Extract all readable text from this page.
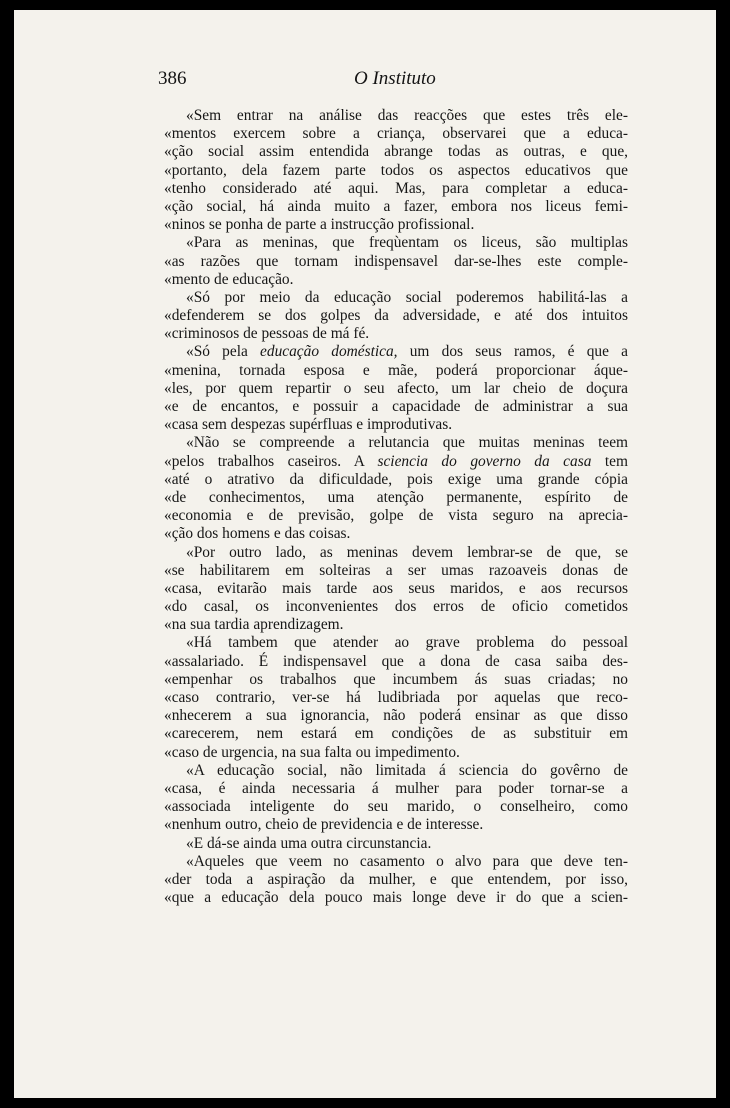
386	O Instituto
«Sem entrar na análise das reacções que estes três ele-
«mentos exercem sobre a criança, observarei que a educa-
«ção social assim entendida abrange todas as outras, e que,
«portanto, dela fazem parte todos os aspectos educativos que
«tenho considerado até aqui. Mas, para completar a educa-
«ção social, há ainda muito a fazer, embora nos liceus femi-
«ninos se ponha de parte a instrucção profissional.
«Para as meninas, que freqùentam os liceus, são multiplas
«as razões que tornam indispensavel dar-se-lhes este comple-
«mento de educação.
«Só por meio da educação social poderemos habilitá-las a
«defenderem se dos golpes da adversidade, e até dos intuitos
«criminosos de pessoas de má fé.
«Só pela educação doméstica, um dos seus ramos, é que a
«menina, tornada esposa e mãe, poderá proporcionar áque-
«les, por quem repartir o seu afecto, um lar cheio de doçura
«e de encantos, e possuir a capacidade de administrar a sua
«casa sem despezas supérfluas e improdutivas.
«Não se compreende a relutancia que muitas meninas teem
«pelos trabalhos caseiros. A sciencia do governo da casa tem
«até o atrativo da dificuldade, pois exige uma grande cópia
«de conhecimentos, uma atenção permanente, espírito de
«economia e de previsão, golpe de vista seguro na aprecia-
«ção dos homens e das coisas.
«Por outro lado, as meninas devem lembrar-se de que, se
«se habilitarem em solteiras a ser umas razoaveis donas de
«casa, evitarão mais tarde aos seus maridos, e aos recursos
«do casal, os inconvenientes dos erros de oficio cometidos
«na sua tardia aprendizagem.
«Há tambem que atender ao grave problema do pessoal
«assalariado. É indispensavel que a dona de casa saiba des-
«empenhar os trabalhos que incumbem ás suas criadas; no
«caso contrario, ver-se há ludibriada por aquelas que reco-
«nhecerem a sua ignorancia, não poderá ensinar as que disso
«carecerem, nem estará em condições de as substituir em
«caso de urgencia, na sua falta ou impedimento.
«A educação social, não limitada á sciencia do govêrno de
«casa, é ainda necessaria á mulher para poder tornar-se a
«associada inteligente do seu marido, o conselheiro, como
«nenhum outro, cheio de previdencia e de interesse.
«E dá-se ainda uma outra circunstancia.
«Aqueles que veem no casamento o alvo para que deve ten-
«der toda a aspiração da mulher, e que entendem, por isso,
«que a educação dela pouco mais longe deve ir do que a scien-
